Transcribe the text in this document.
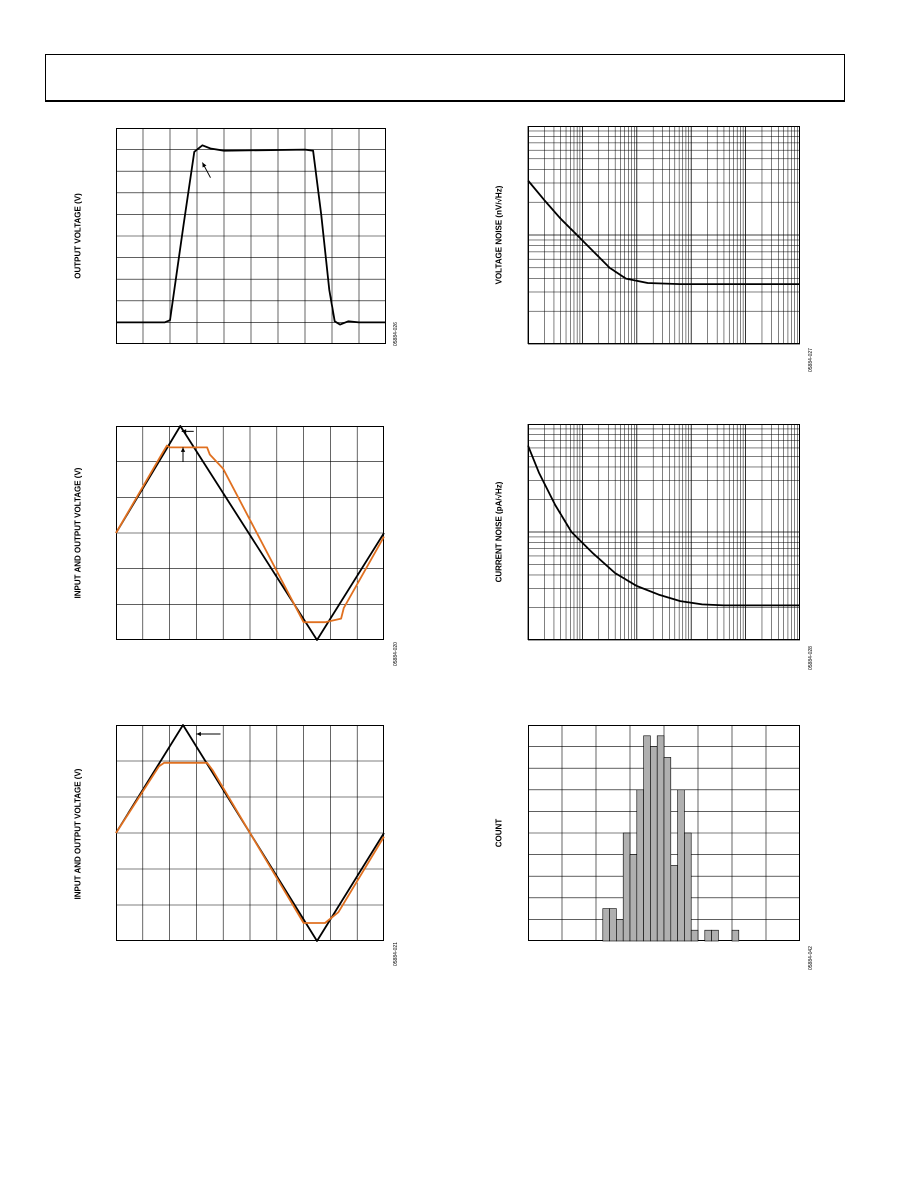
OUTPUT VOLTAGE (V)
05884-026
VOLTAGE NOISE (nV/√Hz)
05884-027
INPUT AND OUTPUT VOLTAGE (V)
05884-020
CURRENT NOISE (pA/√Hz)
05884-028
INPUT AND OUTPUT VOLTAGE (V)
05884-021
COUNT
05884-042
